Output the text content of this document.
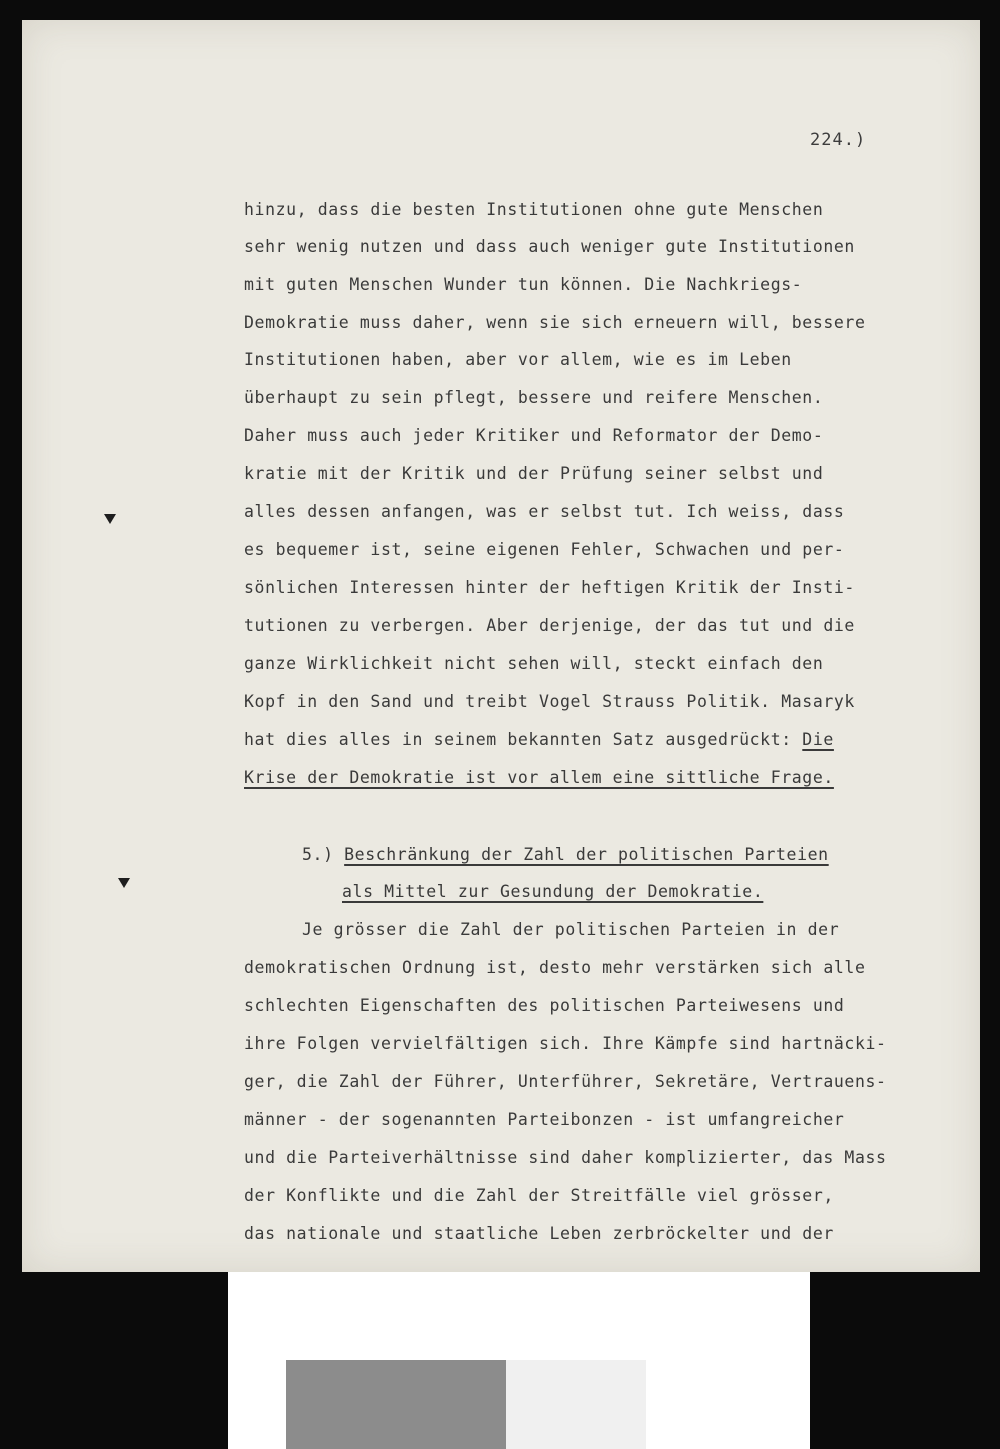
224.)
hinzu, dass die besten Institutionen ohne gute Menschen
sehr wenig nutzen und dass auch weniger gute Institutionen
mit guten Menschen Wunder tun können. Die Nachkriegs-
Demokratie muss daher, wenn sie sich erneuern will, bessere
Institutionen haben, aber vor allem, wie es im Leben
überhaupt zu sein pflegt, bessere und reifere Menschen.
Daher muss auch jeder Kritiker und Reformator der Demo-
kratie mit der Kritik und der Prüfung seiner selbst und
alles dessen anfangen, was er selbst tut. Ich weiss, dass
es bequemer ist, seine eigenen Fehler, Schwachen und per-
sönlichen Interessen hinter der heftigen Kritik der Insti-
tutionen zu verbergen. Aber derjenige, der das tut und die
ganze Wirklichkeit nicht sehen will, steckt einfach den
Kopf in den Sand und treibt Vogel Strauss Politik. Masaryk
hat dies alles in seinem bekannten Satz ausgedrückt: Die
Krise der Demokratie ist vor allem eine sittliche Frage.
5.) Beschränkung der Zahl der politischen Parteien
als Mittel zur Gesundung der Demokratie.
Je grösser die Zahl der politischen Parteien in der
demokratischen Ordnung ist, desto mehr verstärken sich alle
schlechten Eigenschaften des politischen Parteiwesens und
ihre Folgen vervielfältigen sich. Ihre Kämpfe sind hartnäcki-
ger, die Zahl der Führer, Unterführer, Sekretäre, Vertrauens-
männer - der sogenannten Parteibonzen - ist umfangreicher
und die Parteiverhältnisse sind daher komplizierter, das Mass
der Konflikte und die Zahl der Streitfälle viel grösser,
das nationale und staatliche Leben zerbröckelter und der
